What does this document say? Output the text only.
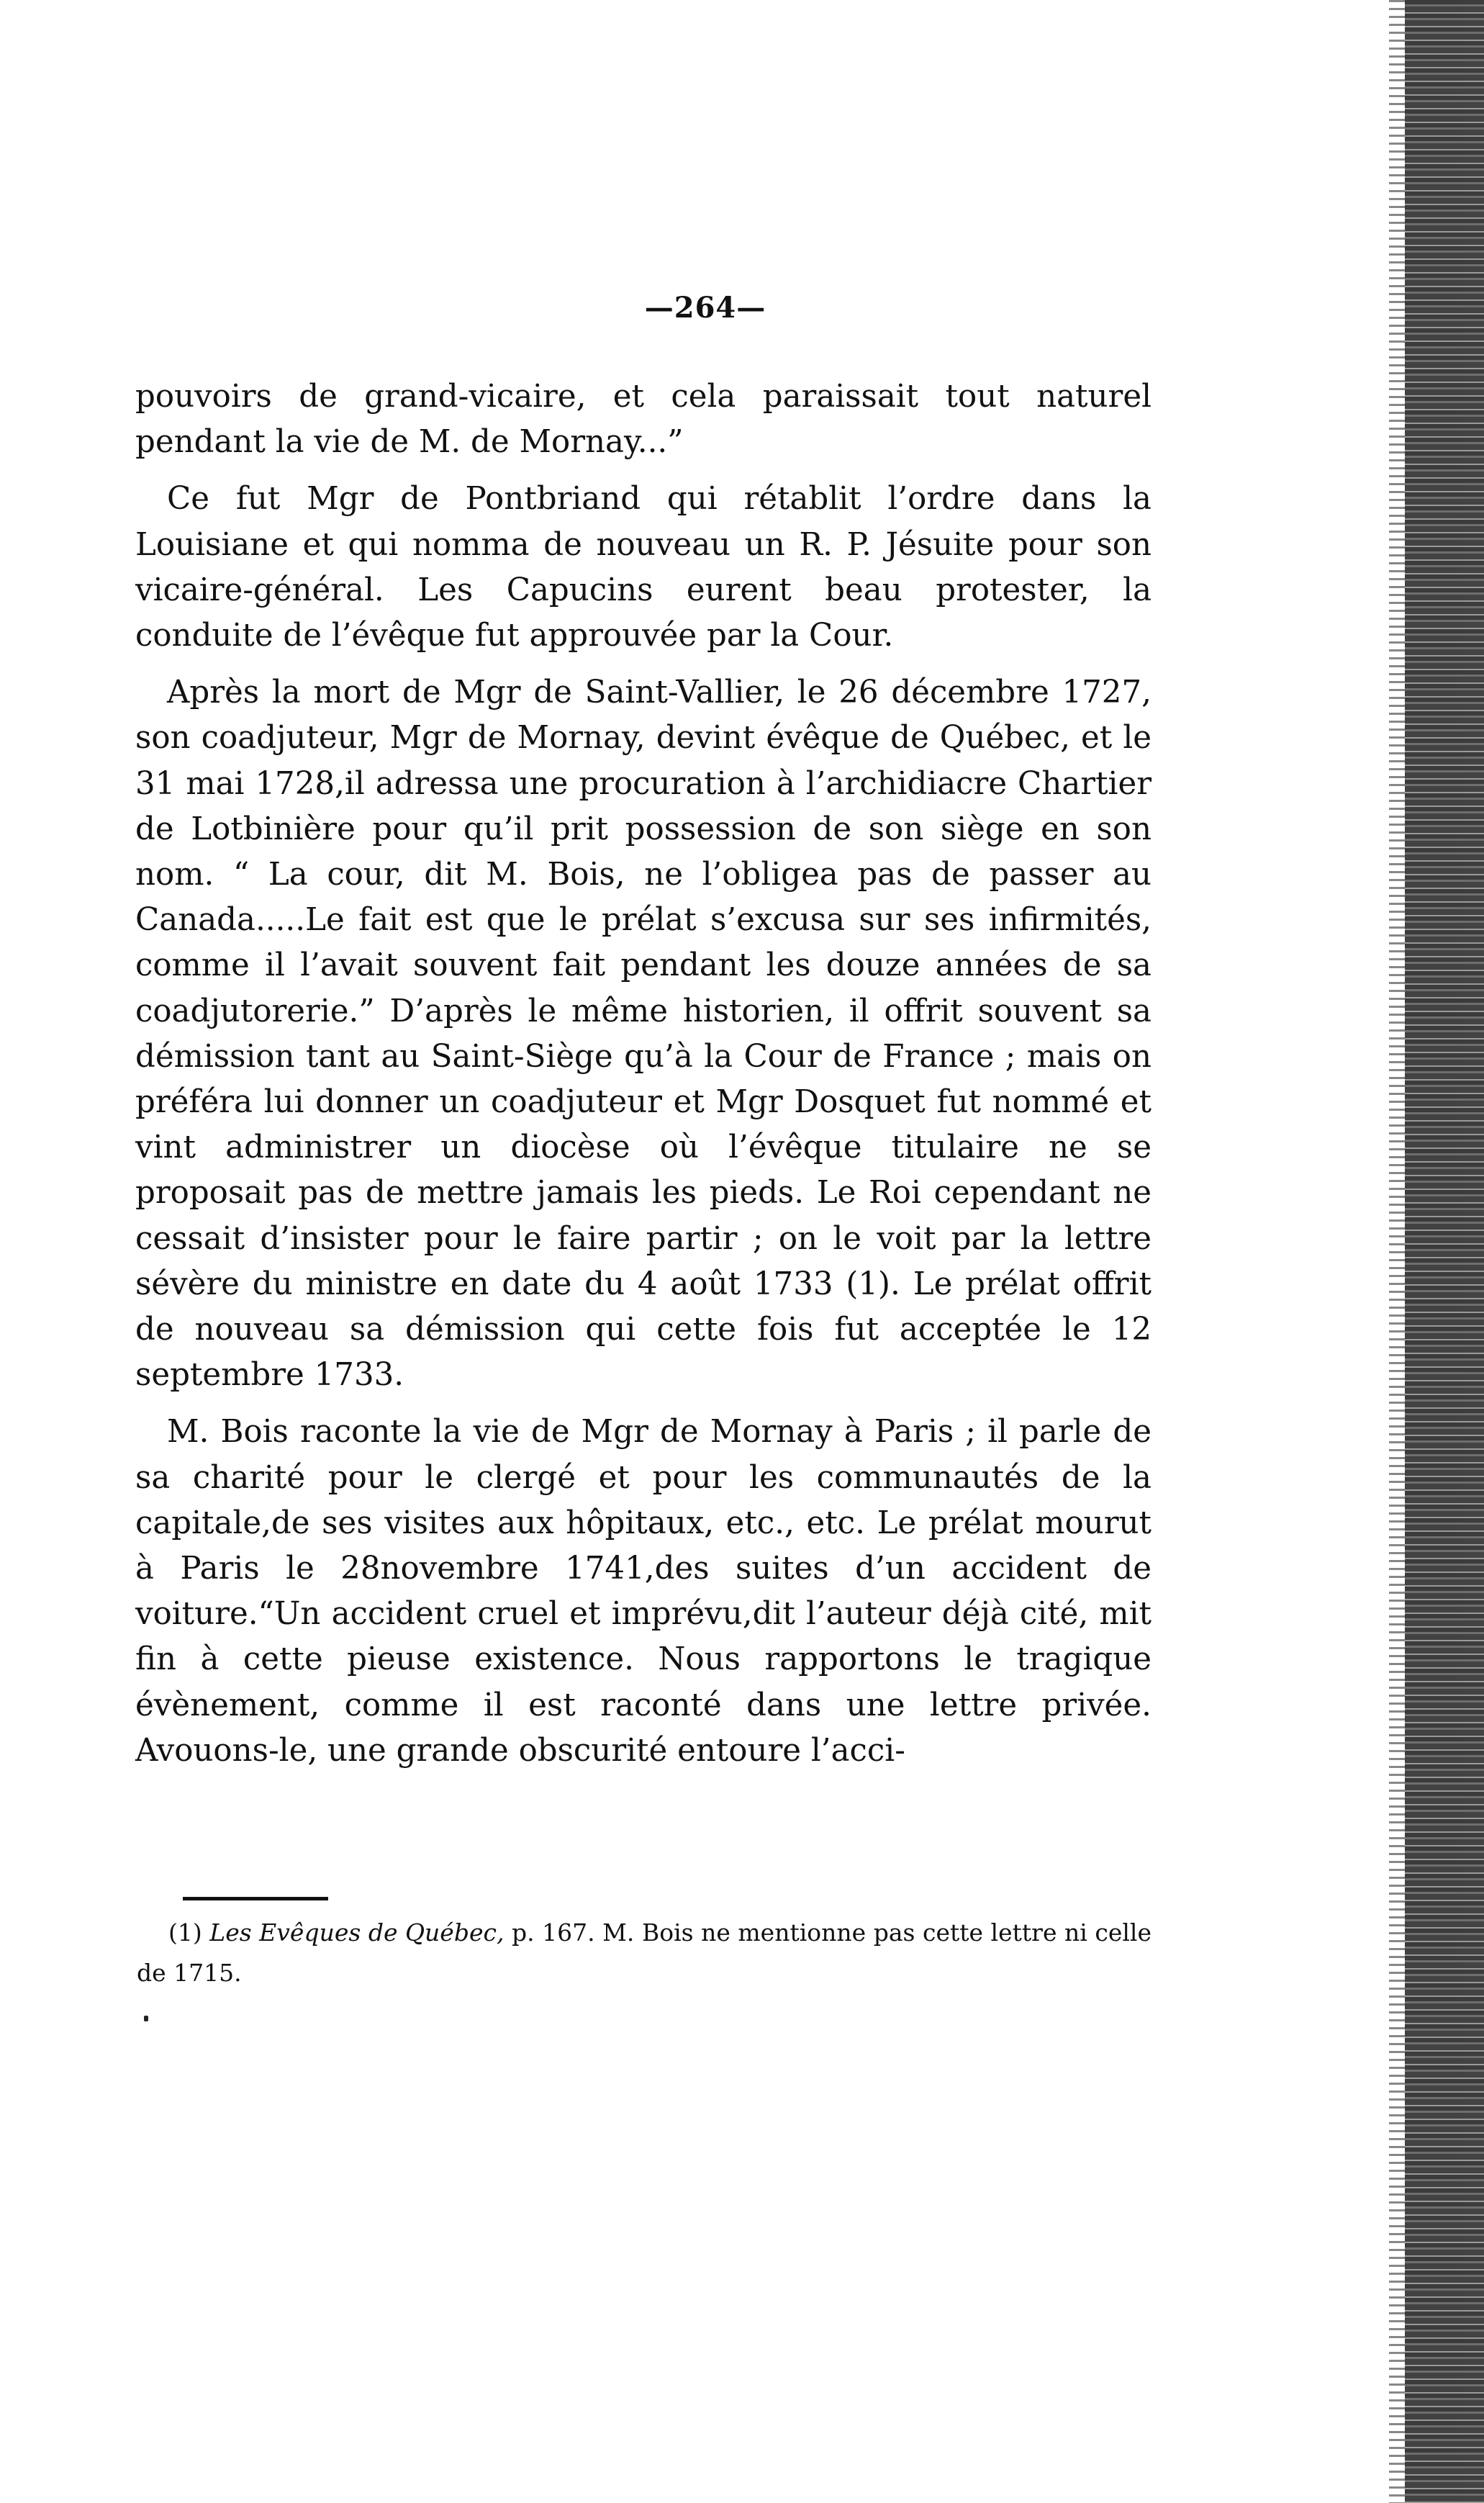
—264—

pouvoirs de grand-vicaire, et cela paraissait tout naturel pendant la vie de M. de Mornay...”

Ce fut Mgr de Pontbriand qui rétablit l’ordre dans la Louisiane et qui nomma de nouveau un R. P. Jésuite pour son vicaire-général. Les Capucins eurent beau protester, la conduite de l’évêque fut approuvée par la Cour.

Après la mort de Mgr de Saint-Vallier, le 26 décembre 1727, son coadjuteur, Mgr de Mornay, devint évêque de Québec, et le 31 mai 1728,il adressa une procuration à l’archidiacre Chartier de Lotbinière pour qu’il prit possession de son siège en son nom. “ La cour, dit M. Bois, ne l’obligea pas de passer au Canada.....Le fait est que le prélat s’excusa sur ses infirmités, comme il l’avait souvent fait pendant les douze années de sa coadjutorerie.” D’après le même historien, il offrit souvent sa démission tant au Saint-Siège qu’à la Cour de France ; mais on préféra lui donner un coadjuteur et Mgr Dosquet fut nommé et vint administrer un diocèse où l’évêque titulaire ne se proposait pas de mettre jamais les pieds. Le Roi cependant ne cessait d’insister pour le faire partir ; on le voit par la lettre sévère du ministre en date du 4 août 1733 (1). Le prélat offrit de nouveau sa démission qui cette fois fut acceptée le 12 septembre 1733.

M. Bois raconte la vie de Mgr de Mornay à Paris ; il parle de sa charité pour le clergé et pour les communautés de la capitale,de ses visites aux hôpitaux, etc., etc. Le prélat mourut à Paris le 28novembre 1741,des suites d’un accident de voiture.“Un accident cruel et imprévu,dit l’auteur déjà cité, mit fin à cette pieuse existence. Nous rapportons le tragique évènement, comme il est raconté dans une lettre privée. Avouons-le, une grande obscurité entoure l’acci-

(1) Les Evêques de Québec, p. 167. M. Bois ne mentionne pas cette lettre ni celle de 1715.
